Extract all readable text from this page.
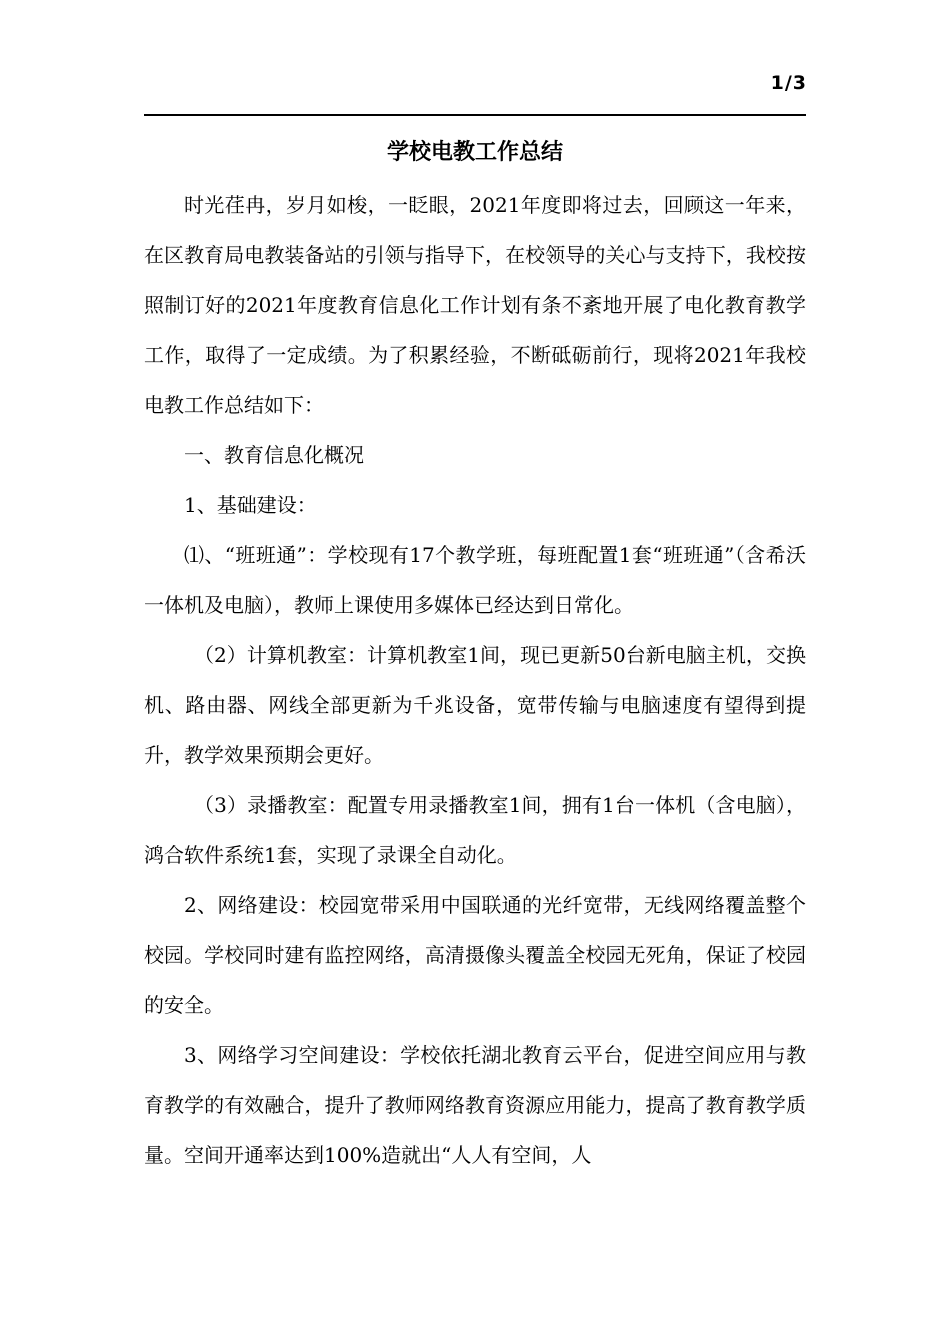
1/3
学校电教工作总结

时光荏冉，岁月如梭，一眨眼，2021年度即将过去，回顾这一年来，在区教育局电教装备站的引领与指导下，在校领导的关心与支持下，我校按照制订好的2021年度教育信息化工作计划有条不紊地开展了电化教育教学工作，取得了一定成绩。为了积累经验，不断砥砺前行，现将2021年我校电教工作总结如下：

一、教育信息化概况

1、基础建设：

⑴、“班班通”：学校现有17个教学班，每班配置1套“班班通”（含希沃一体机及电脑），教师上课使用多媒体已经达到日常化。

（2）计算机教室：计算机教室1间，现已更新50台新电脑主机，交换机、路由器、网线全部更新为千兆设备，宽带传输与电脑速度有望得到提升，教学效果预期会更好。

（3）录播教室：配置专用录播教室1间，拥有1台一体机（含电脑），鸿合软件系统1套，实现了录课全自动化。

2、网络建设：校园宽带采用中国联通的光纤宽带，无线网络覆盖整个校园。学校同时建有监控网络，高清摄像头覆盖全校园无死角，保证了校园的安全。

3、网络学习空间建设：学校依托湖北教育云平台，促进空间应用与教育教学的有效融合，提升了教师网络教育资源应用能力，提高了教育教学质量。空间开通率达到100%造就出“人人有空间，人
